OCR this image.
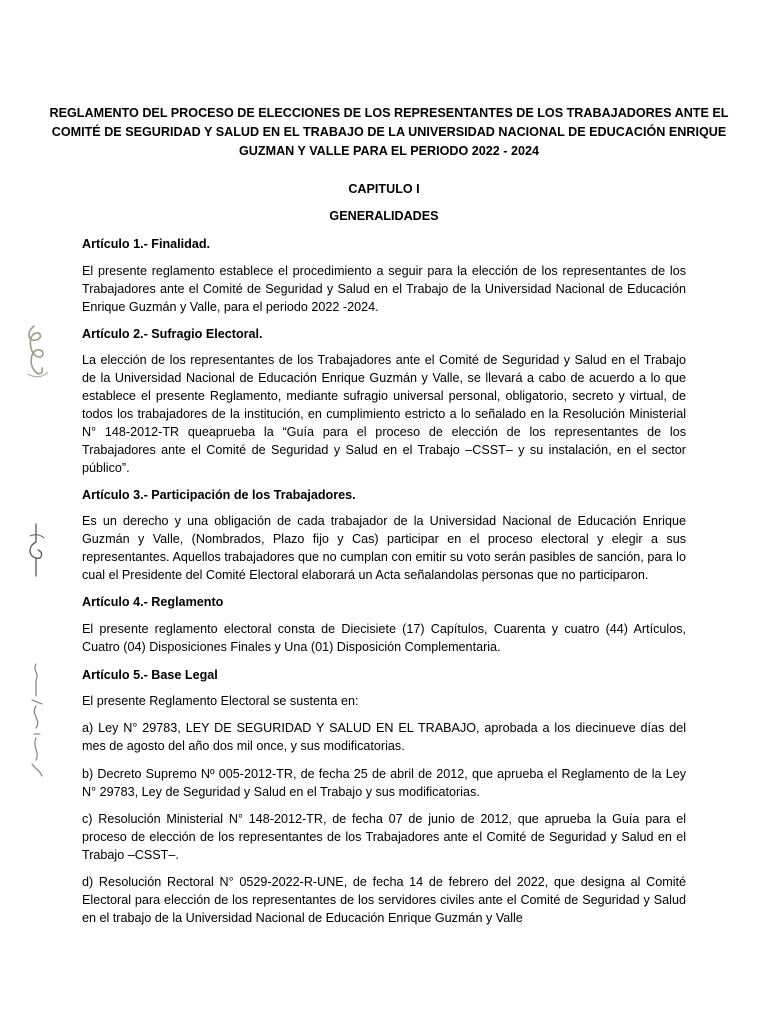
REGLAMENTO DEL PROCESO DE ELECCIONES DE LOS REPRESENTANTES DE LOS TRABAJADORES ANTE EL COMITÉ DE SEGURIDAD Y SALUD EN EL TRABAJO DE LA UNIVERSIDAD NACIONAL DE EDUCACIÓN ENRIQUE GUZMAN Y VALLE PARA EL PERIODO 2022 - 2024
CAPITULO I
GENERALIDADES
Artículo 1.- Finalidad.

El presente reglamento establece el procedimiento a seguir para la elección de los representantes de los Trabajadores ante el Comité de Seguridad y Salud en el Trabajo de la Universidad Nacional de Educación Enrique Guzmán y Valle, para el periodo 2022 -2024.

Artículo 2.- Sufragio Electoral.

La elección de los representantes de los Trabajadores ante el Comité de Seguridad y Salud en el Trabajo de la Universidad Nacional de Educación Enrique Guzmán y Valle, se llevará a cabo de acuerdo a lo que establece el presente Reglamento, mediante sufragio universal personal, obligatorio, secreto y virtual, de todos los trabajadores de la institución, en cumplimiento estricto a lo señalado en la Resolución Ministerial N° 148-2012-TR queaprueba la “Guía para el proceso de elección de los representantes de los Trabajadores ante el Comité de Seguridad y Salud en el Trabajo –CSST– y su instalación, en el sector público”.

Artículo 3.- Participación de los Trabajadores.

Es un derecho y una obligación de cada trabajador de la Universidad Nacional de Educación Enrique Guzmán y Valle, (Nombrados, Plazo fijo y Cas) participar en el proceso electoral y elegir a sus representantes. Aquellos trabajadores que no cumplan con emitir su voto serán pasibles de sanción, para lo cual el Presidente del Comité Electoral elaborará un Acta señalandolas personas que no participaron.

Artículo 4.- Reglamento

El presente reglamento electoral consta de Diecisiete (17) Capítulos, Cuarenta y cuatro (44) Artículos, Cuatro (04) Disposiciones Finales y Una (01) Disposición Complementaria.

Artículo 5.- Base Legal

El presente Reglamento Electoral se sustenta en:

a) Ley N° 29783, LEY DE SEGURIDAD Y SALUD EN EL TRABAJO, aprobada a los diecinueve días del mes de agosto del año dos mil once, y sus modificatorias.

b) Decreto Supremo Nº 005-2012-TR, de fecha 25 de abril de 2012, que aprueba el Reglamento de la Ley N° 29783, Ley de Seguridad y Salud en el Trabajo y sus modificatorias.

c) Resolución Ministerial N° 148-2012-TR, de fecha 07 de junio de 2012, que aprueba la Guía para el proceso de elección de los representantes de los Trabajadores ante el Comité de Seguridad y Salud en el Trabajo –CSST–.

d) Resolución Rectoral N° 0529-2022-R-UNE, de fecha 14 de febrero del 2022, que designa al Comité Electoral para elección de los representantes de los servidores civiles ante el Comité de Seguridad y Salud en el trabajo de la Universidad Nacional de Educación Enrique Guzmán y Valle
